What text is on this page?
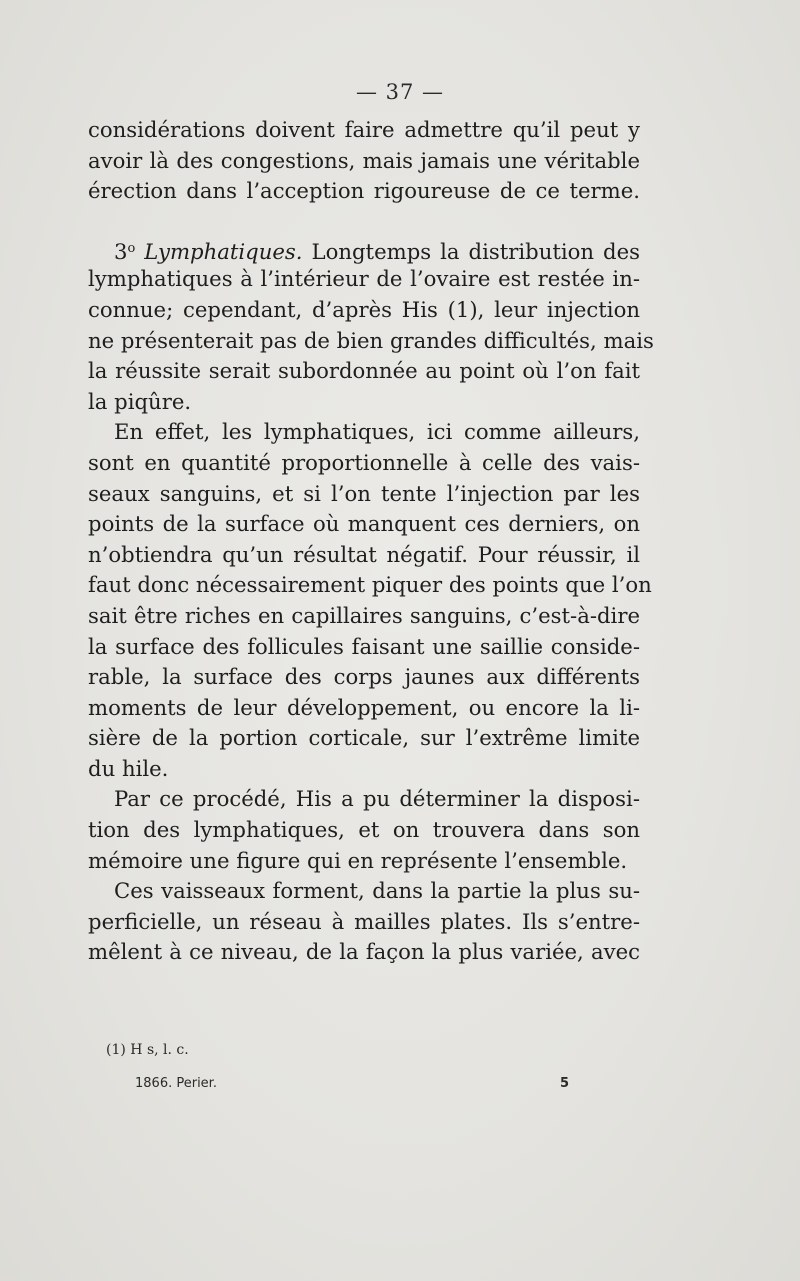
— 37 —
considérations doivent faire admettre qu’il peut y
avoir là des congestions, mais jamais une véritable
érection dans l’acception rigoureuse de ce terme.
3$^o$ Lymphatiques. Longtemps la distribution des
lymphatiques à l’intérieur de l’ovaire est restée in-
connue; cependant, d’après His (1), leur injection
ne présenterait pas de bien grandes difficultés, mais
la réussite serait subordonnée au point où l’on fait
la piqûre.
En effet, les lymphatiques, ici comme ailleurs,
sont en quantité proportionnelle à celle des vais-
seaux sanguins, et si l’on tente l’injection par les
points de la surface où manquent ces derniers, on
n’obtiendra qu’un résultat négatif. Pour réussir, il
faut donc nécessairement piquer des points que l’on
sait être riches en capillaires sanguins, c’est-à-dire
la surface des follicules faisant une saillie conside-
rable, la surface des corps jaunes aux différents
moments de leur développement, ou encore la li-
sière de la portion corticale, sur l’extrême limite
du hile.
Par ce procédé, His a pu déterminer la disposi-
tion des lymphatiques, et on trouvera dans son
mémoire une figure qui en représente l’ensemble.
Ces vaisseaux forment, dans la partie la plus su-
perficielle, un réseau à mailles plates. Ils s’entre-
mêlent à ce niveau, de la façon la plus variée, avec
(1) H s, l. c.
1866. Perier.	5
